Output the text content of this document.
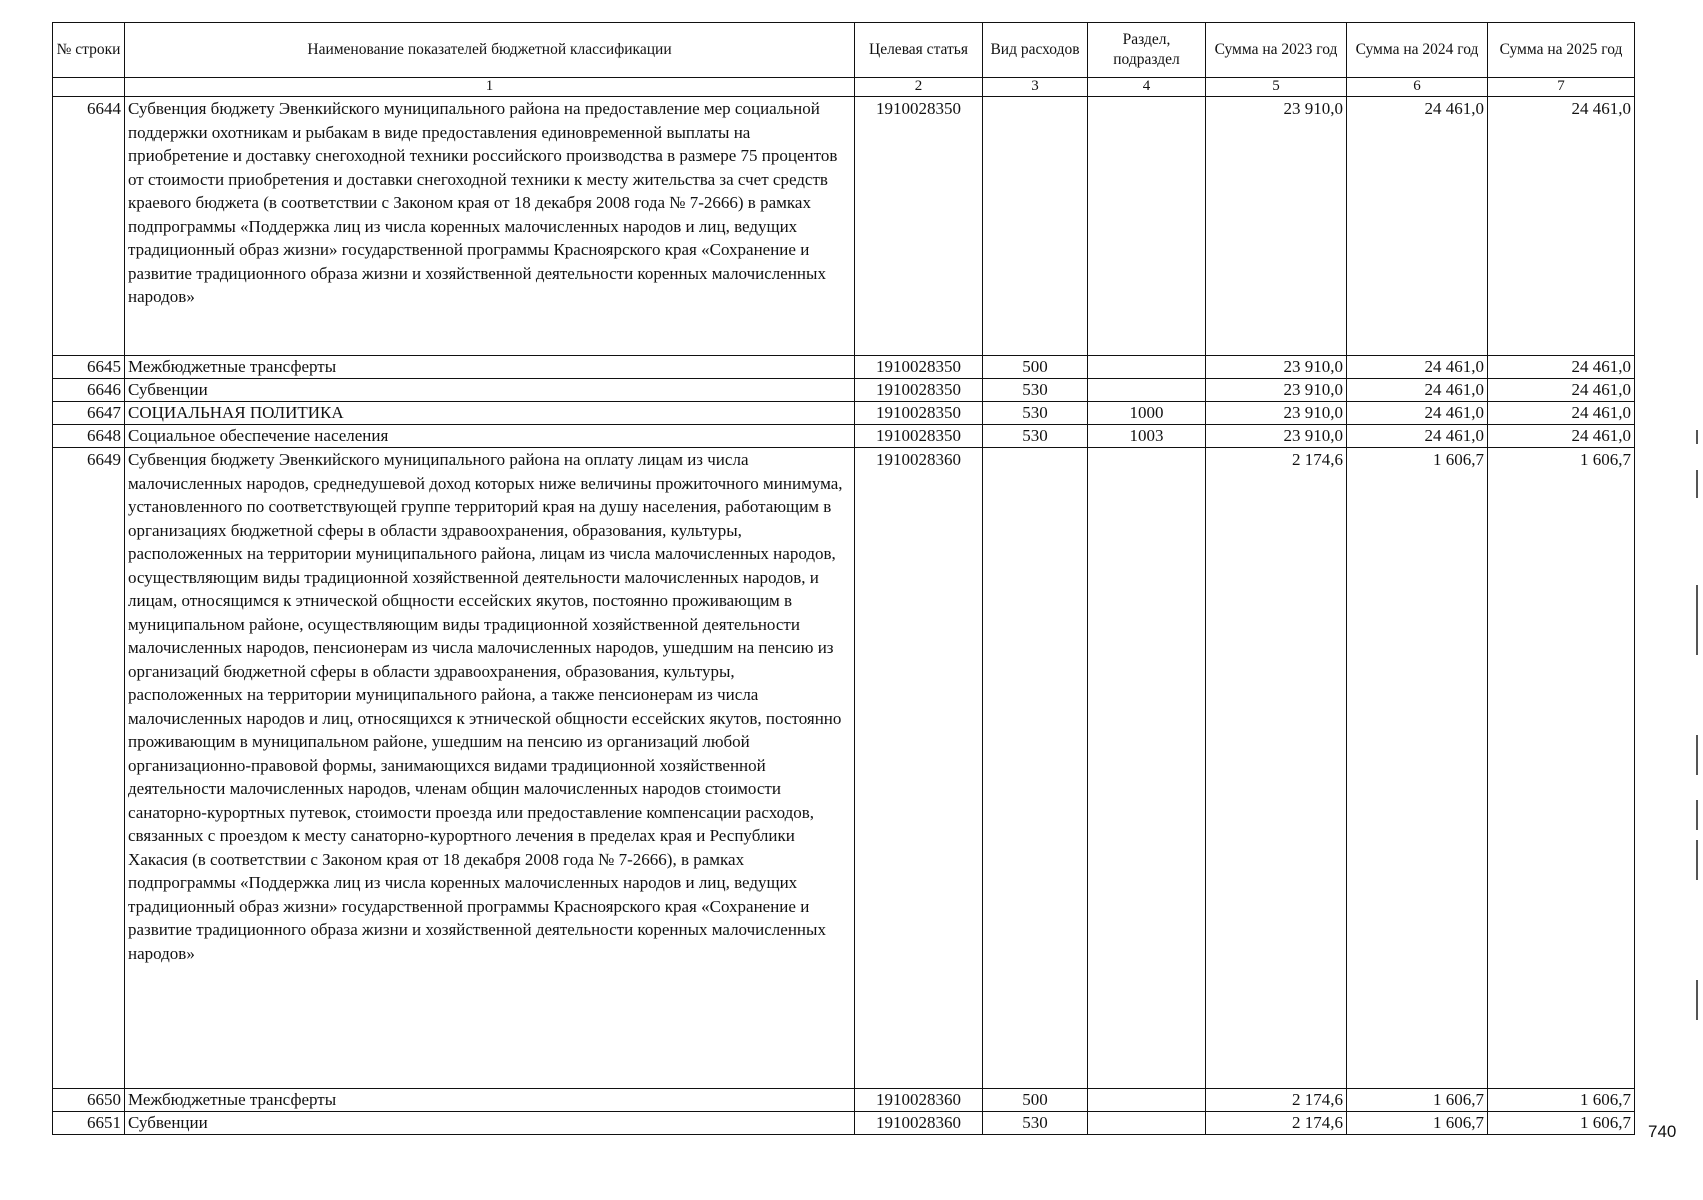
№ строки	Наименование показателей бюджетной классификации	Целевая статья	Вид расходов	Раздел, подраздел	Сумма на 2023 год	Сумма на 2024 год	Сумма на 2025 год
	1	2	3	4	5	6	7
6644	Субвенция бюджету Эвенкийского муниципального района на предоставление мер социальной поддержки охотникам и рыбакам в виде предоставления единовременной выплаты на приобретение и доставку снегоходной техники российского производства в размере 75 процентов от стоимости приобретения и доставки снегоходной техники к месту жительства за счет средств краевого бюджета (в соответствии с Законом края от 18 декабря 2008 года № 7-2666) в рамках подпрограммы «Поддержка лиц из числа коренных малочисленных народов и лиц, ведущих традиционный образ жизни» государственной программы Красноярского края «Сохранение и развитие традиционного образа жизни и хозяйственной деятельности коренных малочисленных народов»	1910028350			23 910,0	24 461,0	24 461,0
6645	Межбюджетные трансферты	1910028350	500		23 910,0	24 461,0	24 461,0
6646	Субвенции	1910028350	530		23 910,0	24 461,0	24 461,0
6647	СОЦИАЛЬНАЯ ПОЛИТИКА	1910028350	530	1000	23 910,0	24 461,0	24 461,0
6648	Социальное обеспечение населения	1910028350	530	1003	23 910,0	24 461,0	24 461,0
6649	Субвенция бюджету Эвенкийского муниципального района на оплату лицам из числа малочисленных народов, среднедушевой доход которых ниже величины прожиточного минимума, установленного по соответствующей группе территорий края на душу населения, работающим в организациях бюджетной сферы в области здравоохранения, образования, культуры, расположенных на территории муниципального района, лицам из числа малочисленных народов, осуществляющим виды традиционной хозяйственной деятельности малочисленных народов, и лицам, относящимся к этнической общности ессейских якутов, постоянно проживающим в муниципальном районе, осуществляющим виды традиционной хозяйственной деятельности малочисленных народов, пенсионерам из числа малочисленных народов, ушедшим на пенсию из организаций бюджетной сферы в области здравоохранения, образования, культуры, расположенных на территории муниципального района, а также пенсионерам из числа малочисленных народов и лиц, относящихся к этнической общности ессейских якутов, постоянно проживающим в муниципальном районе, ушедшим на пенсию из организаций любой организационно-правовой формы, занимающихся видами традиционной хозяйственной деятельности малочисленных народов, членам общин малочисленных народов стоимости санаторно-курортных путевок, стоимости проезда или предоставление компенсации расходов, связанных с проездом к месту санаторно-курортного лечения в пределах края и Республики Хакасия (в соответствии с Законом края от 18 декабря 2008 года № 7-2666), в рамках подпрограммы «Поддержка лиц из числа коренных малочисленных народов и лиц, ведущих традиционный образ жизни» государственной программы Красноярского края «Сохранение и развитие традиционного образа жизни и хозяйственной деятельности коренных малочисленных народов»	1910028360			2 174,6	1 606,7	1 606,7
6650	Межбюджетные трансферты	1910028360	500		2 174,6	1 606,7	1 606,7
6651	Субвенции	1910028360	530		2 174,6	1 606,7	1 606,7 740
